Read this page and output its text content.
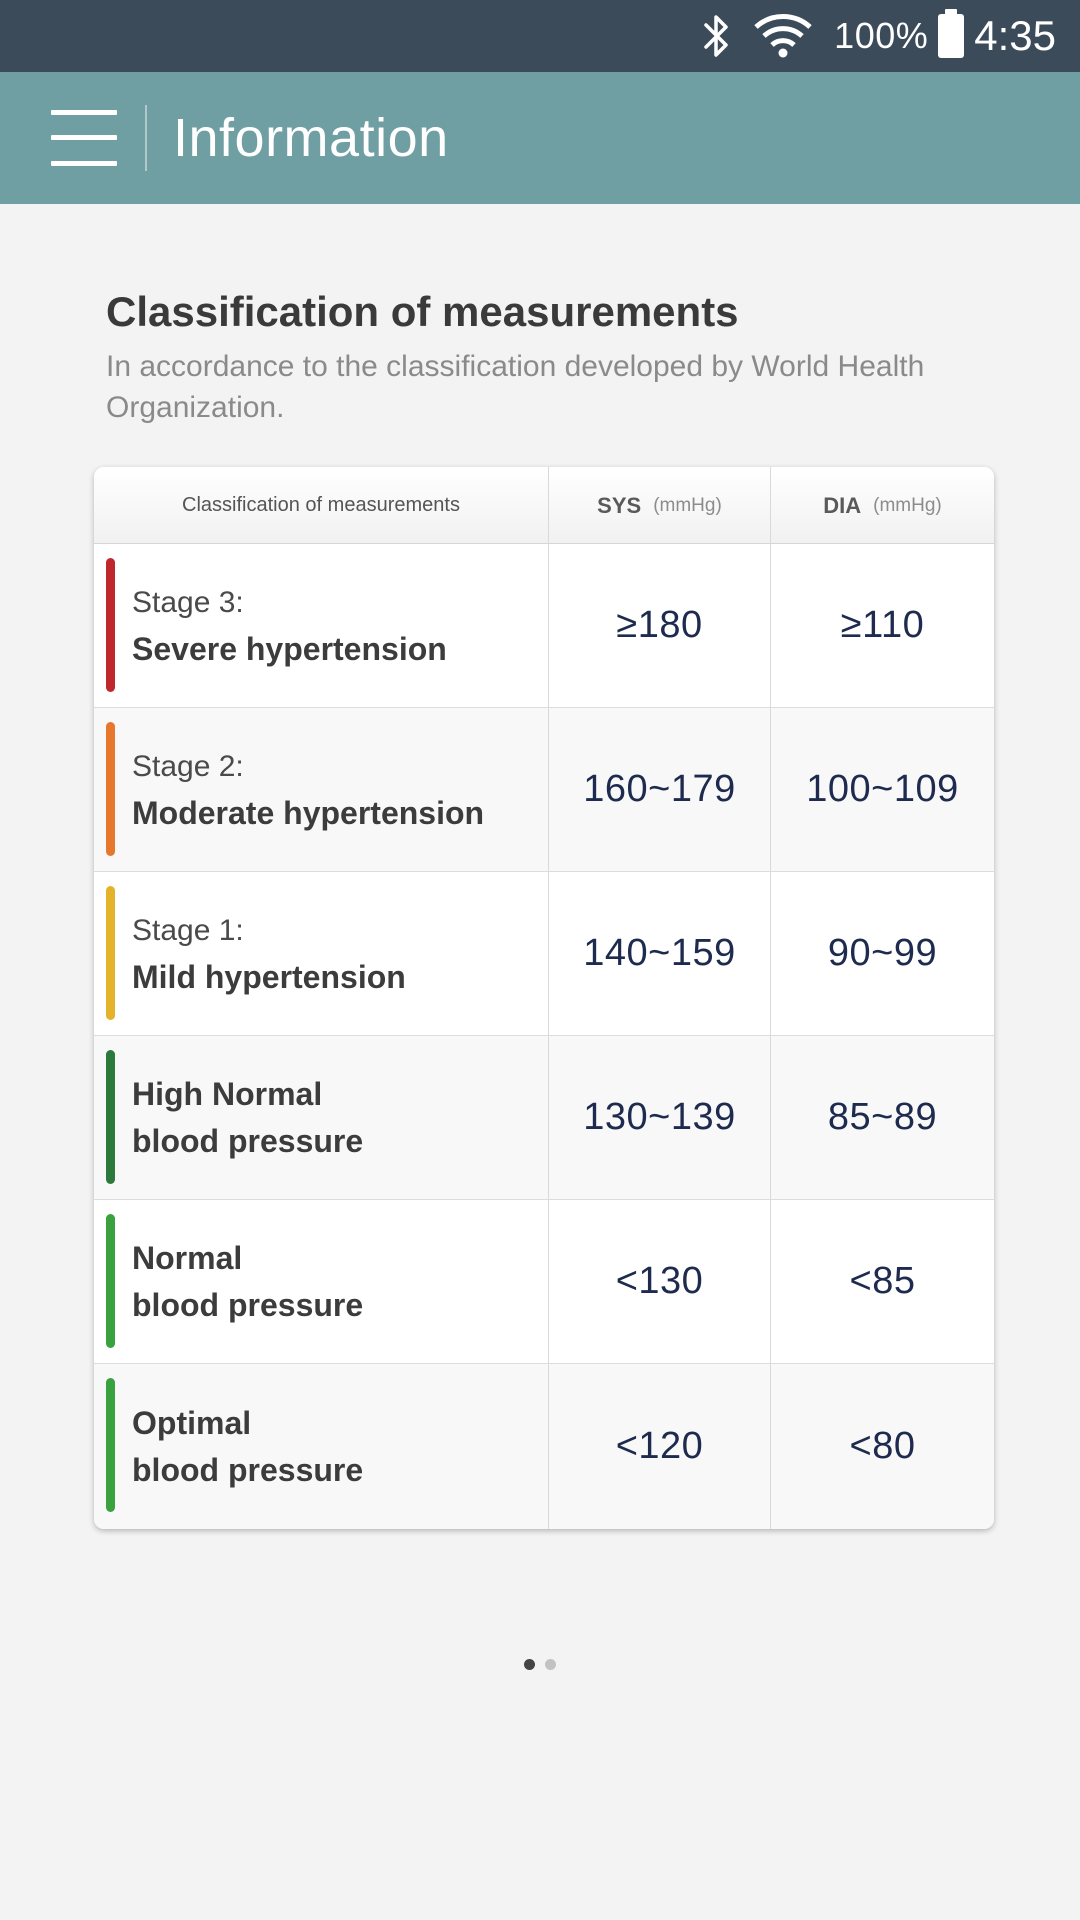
100% 4:35
Information
Classification of measurements
In accordance to the classification developed by World Health Organization.
Classification of measurements	SYS (mmHg)	DIA (mmHg)
Stage 3:
Severe hypertension
≥180	≥110
Stage 2:
Moderate hypertension
160~179	100~109
Stage 1:
Mild hypertension
140~159	90~99
High Normal
blood pressure
130~139	85~89
Normal
blood pressure
<130	<85
Optimal
blood pressure
<120	<80
